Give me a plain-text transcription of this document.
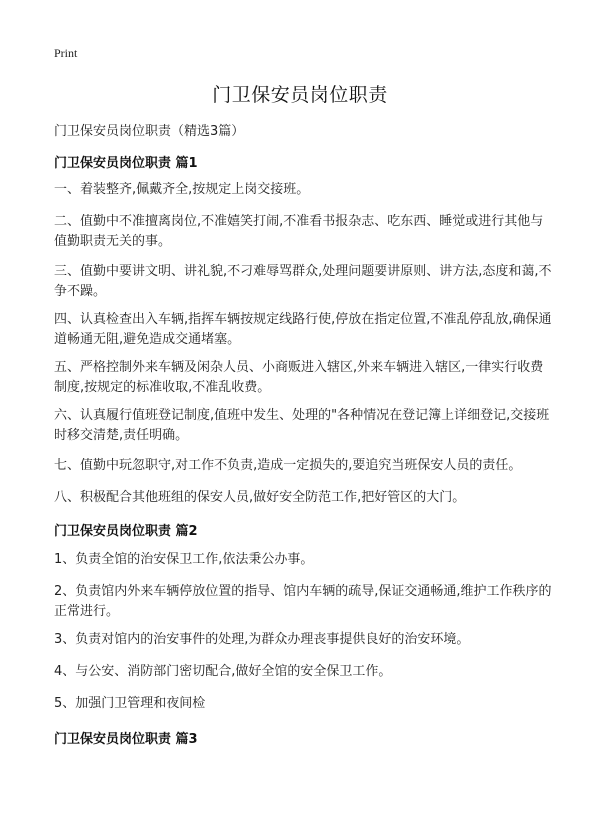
Print
门卫保安员岗位职责
门卫保安员岗位职责（精选3篇）
门卫保安员岗位职责 篇1
一、着装整齐,佩戴齐全,按规定上岗交接班。
二、值勤中不准擅离岗位,不准嬉笑打闹,不准看书报杂志、吃东西、睡觉或进行其他与值勤职责无关的事。
三、值勤中要讲文明、讲礼貌,不刁难辱骂群众,处理问题要讲原则、讲方法,态度和蔼,不争不躁。
四、认真检查出入车辆,指挥车辆按规定线路行使,停放在指定位置,不准乱停乱放,确保通道畅通无阻,避免造成交通堵塞。
五、严格控制外来车辆及闲杂人员、小商贩进入辖区,外来车辆进入辖区,一律实行收费制度,按规定的标准收取,不准乱收费。
六、认真履行值班登记制度,值班中发生、处理的"各种情况在登记簿上详细登记,交接班时移交清楚,责任明确。
七、值勤中玩忽职守,对工作不负责,造成一定损失的,要追究当班保安人员的责任。
八、积极配合其他班组的保安人员,做好安全防范工作,把好管区的大门。
门卫保安员岗位职责 篇2
1、负责全馆的治安保卫工作,依法秉公办事。
2、负责馆内外来车辆停放位置的指导、馆内车辆的疏导,保证交通畅通,维护工作秩序的正常进行。
3、负责对馆内的治安事件的处理,为群众办理丧事提供良好的治安环境。
4、与公安、消防部门密切配合,做好全馆的安全保卫工作。
5、加强门卫管理和夜间检
门卫保安员岗位职责 篇3
